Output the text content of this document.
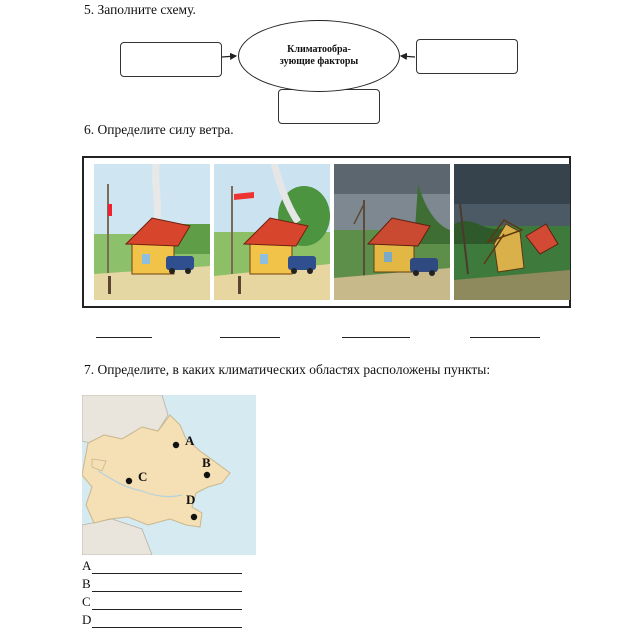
5. Заполните схему.
Климатообра-
зующие факторы
6. Определите силу ветра.
7. Определите, в каких климатических областях расположены пункты:
A
B
C
D
A
B
C
D
